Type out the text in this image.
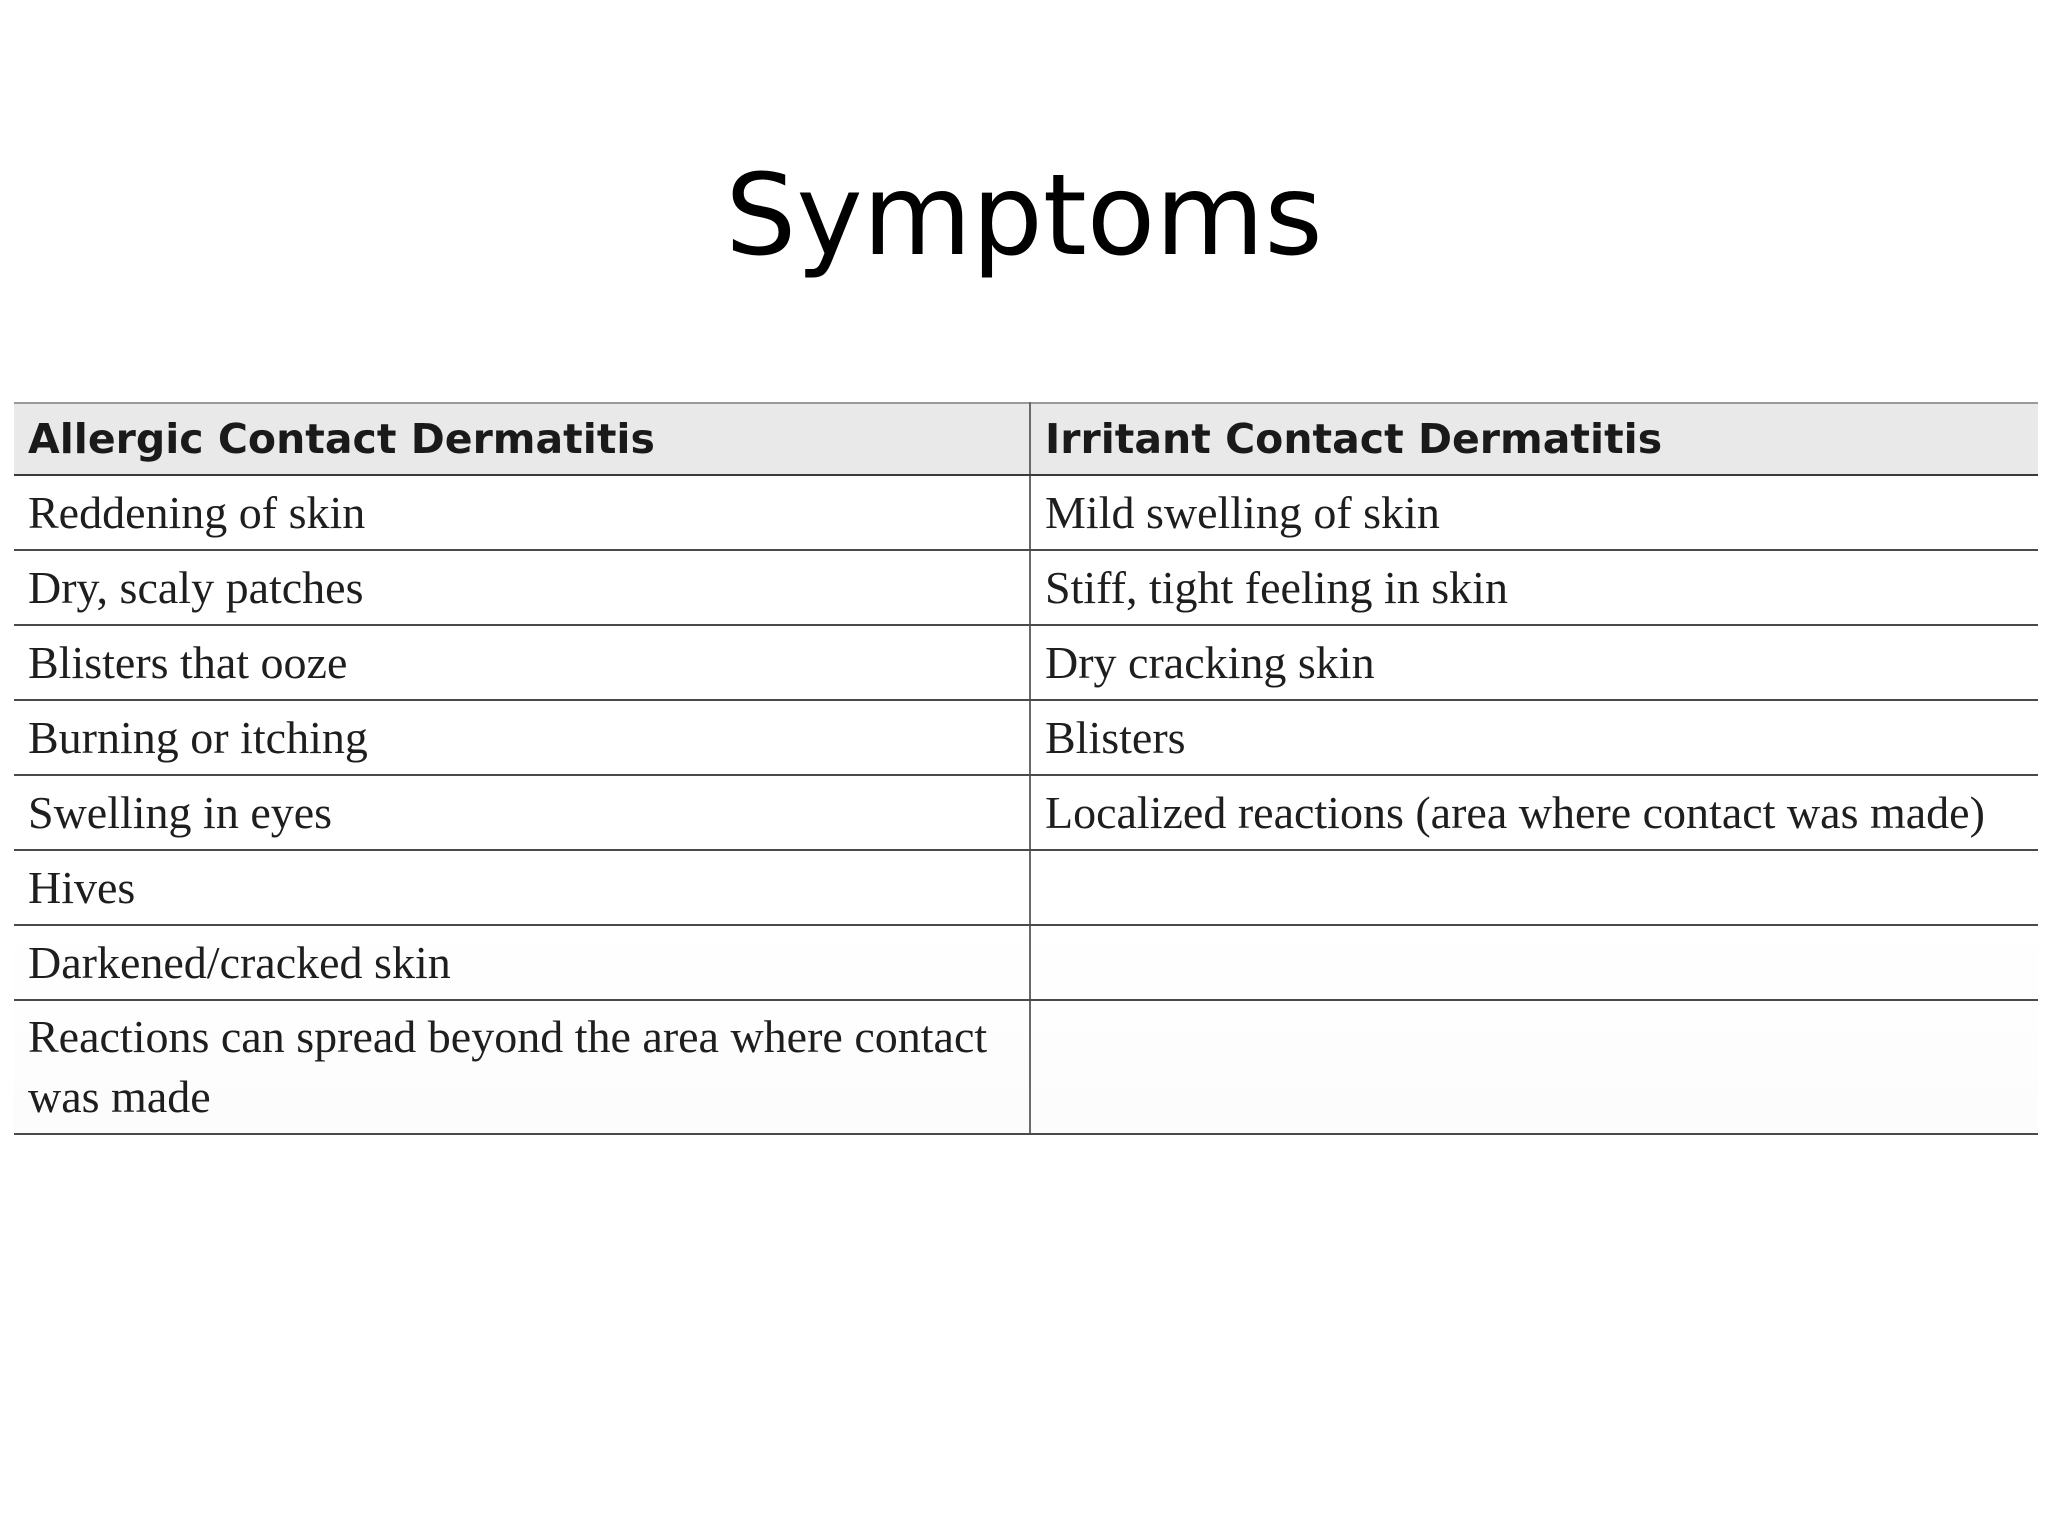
Symptoms
Allergic Contact Dermatitis	Irritant Contact Dermatitis
Reddening of skin	Mild swelling of skin
Dry, scaly patches	Stiff, tight feeling in skin
Blisters that ooze	Dry cracking skin
Burning or itching	Blisters
Swelling in eyes	Localized reactions (area where contact was made)
Hives	
Darkened/cracked skin	
Reactions can spread beyond the area where contact was made	
